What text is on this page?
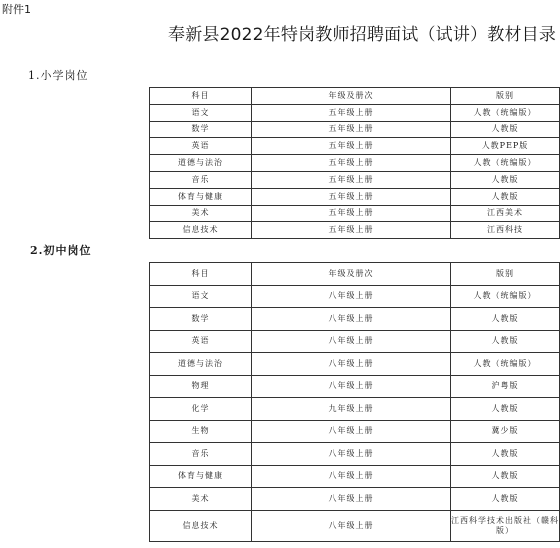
附件1
奉新县2022年特岗教师招聘面试（试讲）教材目录
1.小学岗位
科目	年级及册次	版别
语文	五年级上册	人教（统编版）
数学	五年级上册	人教版
英语	五年级上册	人教PEP版
道德与法治	五年级上册	人教（统编版）
音乐	五年级上册	人教版
体育与健康	五年级上册	人教版
美术	五年级上册	江西美术
信息技术	五年级上册	江西科技
2.初中岗位
科目	年级及册次	版别
语文	八年级上册	人教（统编版）
数学	八年级上册	人教版
英语	八年级上册	人教版
道德与法治	八年级上册	人教（统编版）
物理	八年级上册	沪粤版
化学	九年级上册	人教版
生物	八年级上册	冀少版
音乐	八年级上册	人教版
体育与健康	八年级上册	人教版
美术	八年级上册	人教版
信息技术	八年级上册	江西科学技术出版社（赣科版）
